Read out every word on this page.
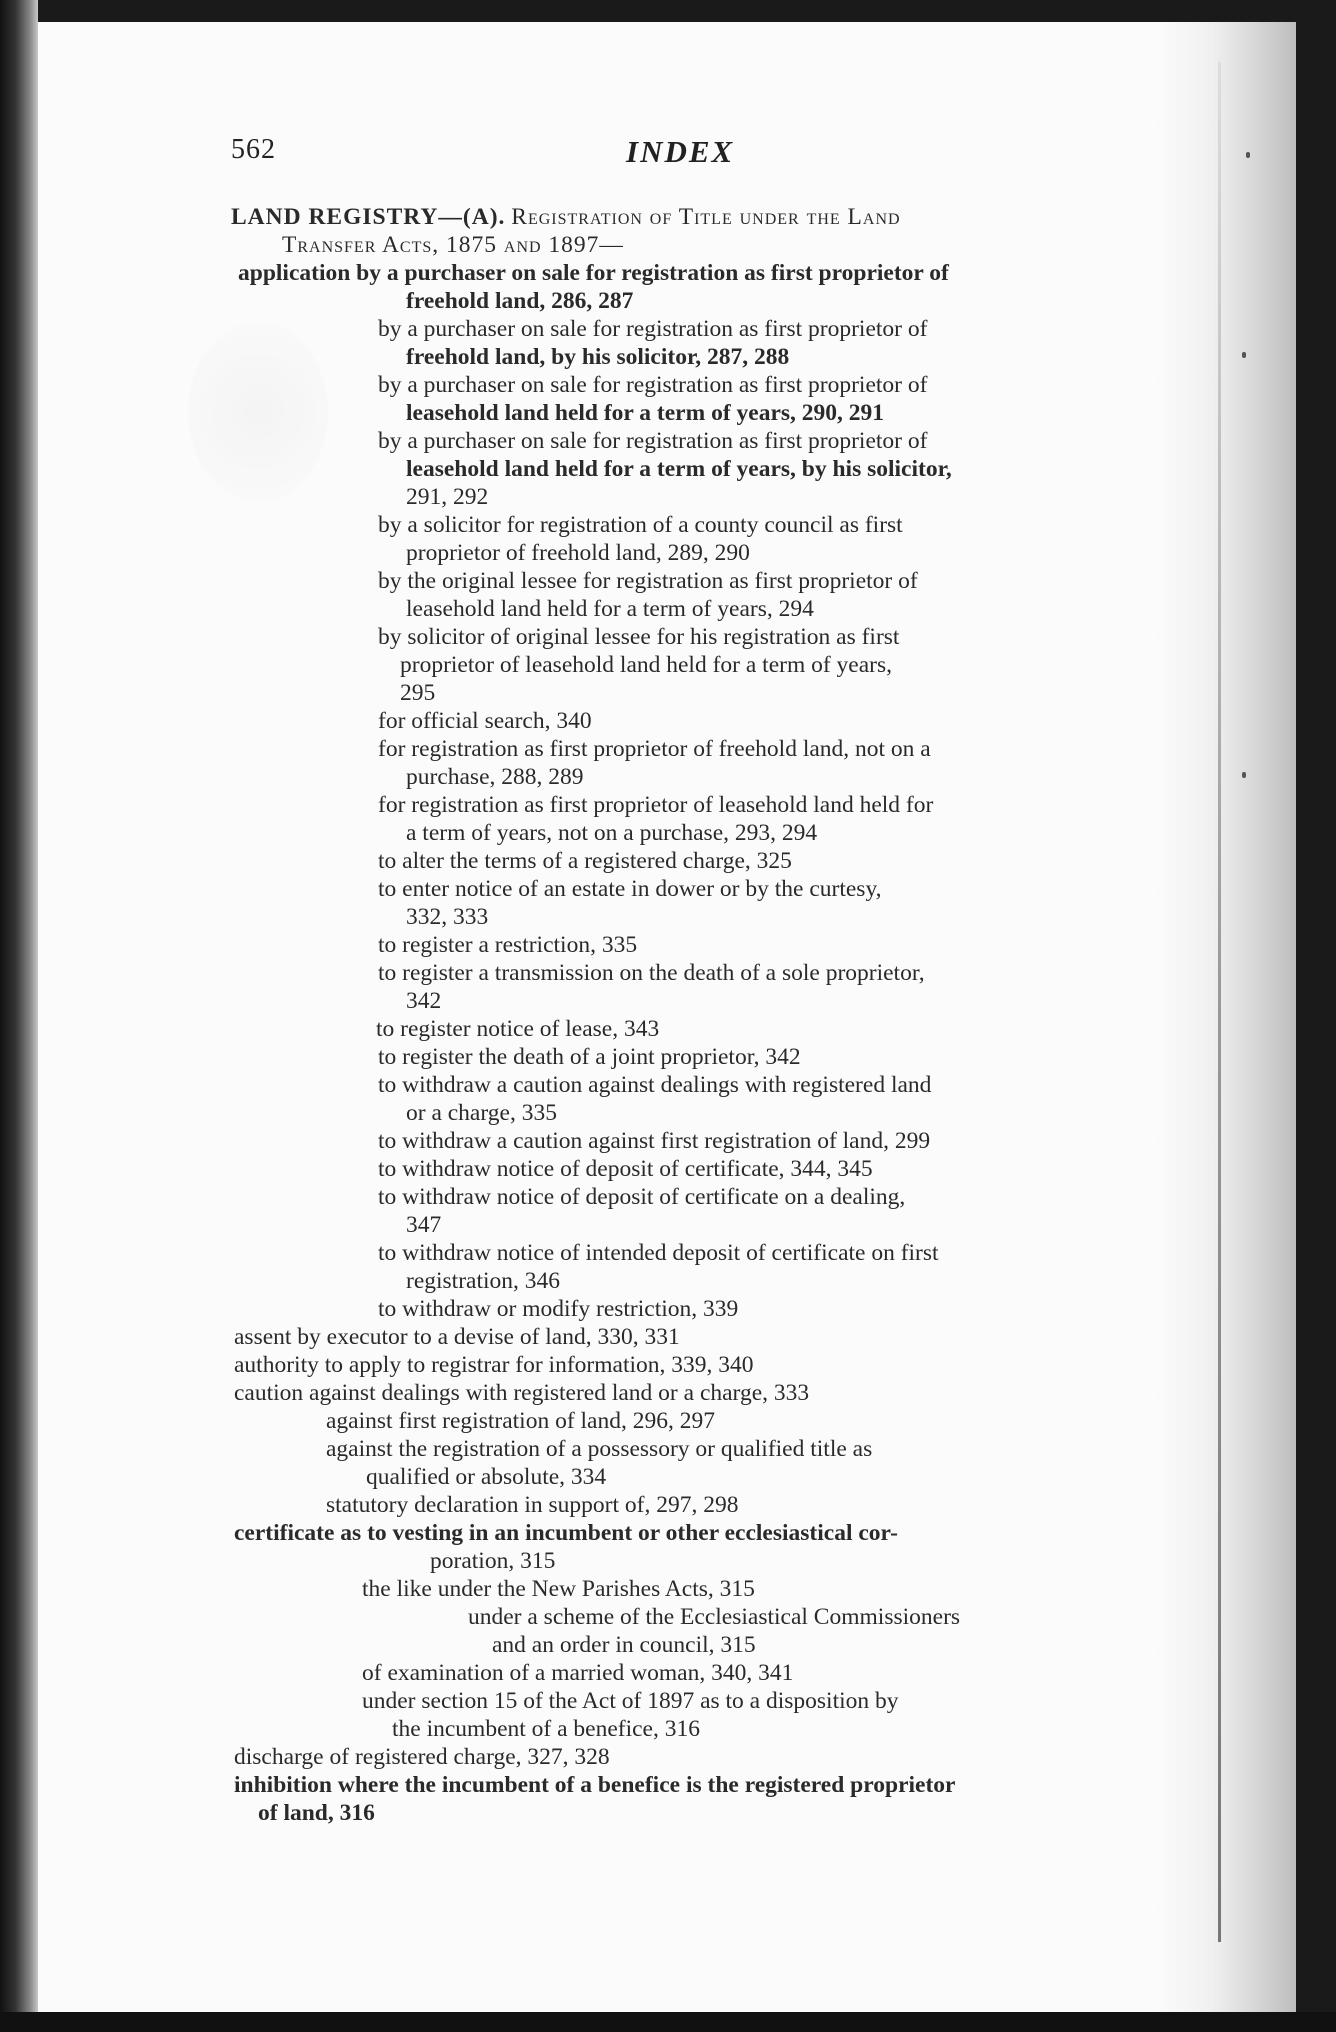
562	INDEX
LAND REGISTRY—(A). Registration of Title under the Land
Transfer Acts, 1875 and 1897—
application by a purchaser on sale for registration as first proprietor of
freehold land, 286, 287
by a purchaser on sale for registration as first proprietor of
freehold land, by his solicitor, 287, 288
by a purchaser on sale for registration as first proprietor of
leasehold land held for a term of years, 290, 291
by a purchaser on sale for registration as first proprietor of
leasehold land held for a term of years, by his solicitor,
291, 292
by a solicitor for registration of a county council as first
proprietor of freehold land, 289, 290
by the original lessee for registration as first proprietor of
leasehold land held for a term of years, 294
by solicitor of original lessee for his registration as first
proprietor of leasehold land held for a term of years,
295
for official search, 340
for registration as first proprietor of freehold land, not on a
purchase, 288, 289
for registration as first proprietor of leasehold land held for
a term of years, not on a purchase, 293, 294
to alter the terms of a registered charge, 325
to enter notice of an estate in dower or by the curtesy,
332, 333
to register a restriction, 335
to register a transmission on the death of a sole proprietor,
342
to register notice of lease, 343
to register the death of a joint proprietor, 342
to withdraw a caution against dealings with registered land
or a charge, 335
to withdraw a caution against first registration of land, 299
to withdraw notice of deposit of certificate, 344, 345
to withdraw notice of deposit of certificate on a dealing,
347
to withdraw notice of intended deposit of certificate on first
registration, 346
to withdraw or modify restriction, 339
assent by executor to a devise of land, 330, 331
authority to apply to registrar for information, 339, 340
caution against dealings with registered land or a charge, 333
against first registration of land, 296, 297
against the registration of a possessory or qualified title as
qualified or absolute, 334
statutory declaration in support of, 297, 298
certificate as to vesting in an incumbent or other ecclesiastical cor-
poration, 315
the like under the New Parishes Acts, 315
under a scheme of the Ecclesiastical Commissioners
and an order in council, 315
of examination of a married woman, 340, 341
under section 15 of the Act of 1897 as to a disposition by
the incumbent of a benefice, 316
discharge of registered charge, 327, 328
inhibition where the incumbent of a benefice is the registered proprietor
of land, 316
